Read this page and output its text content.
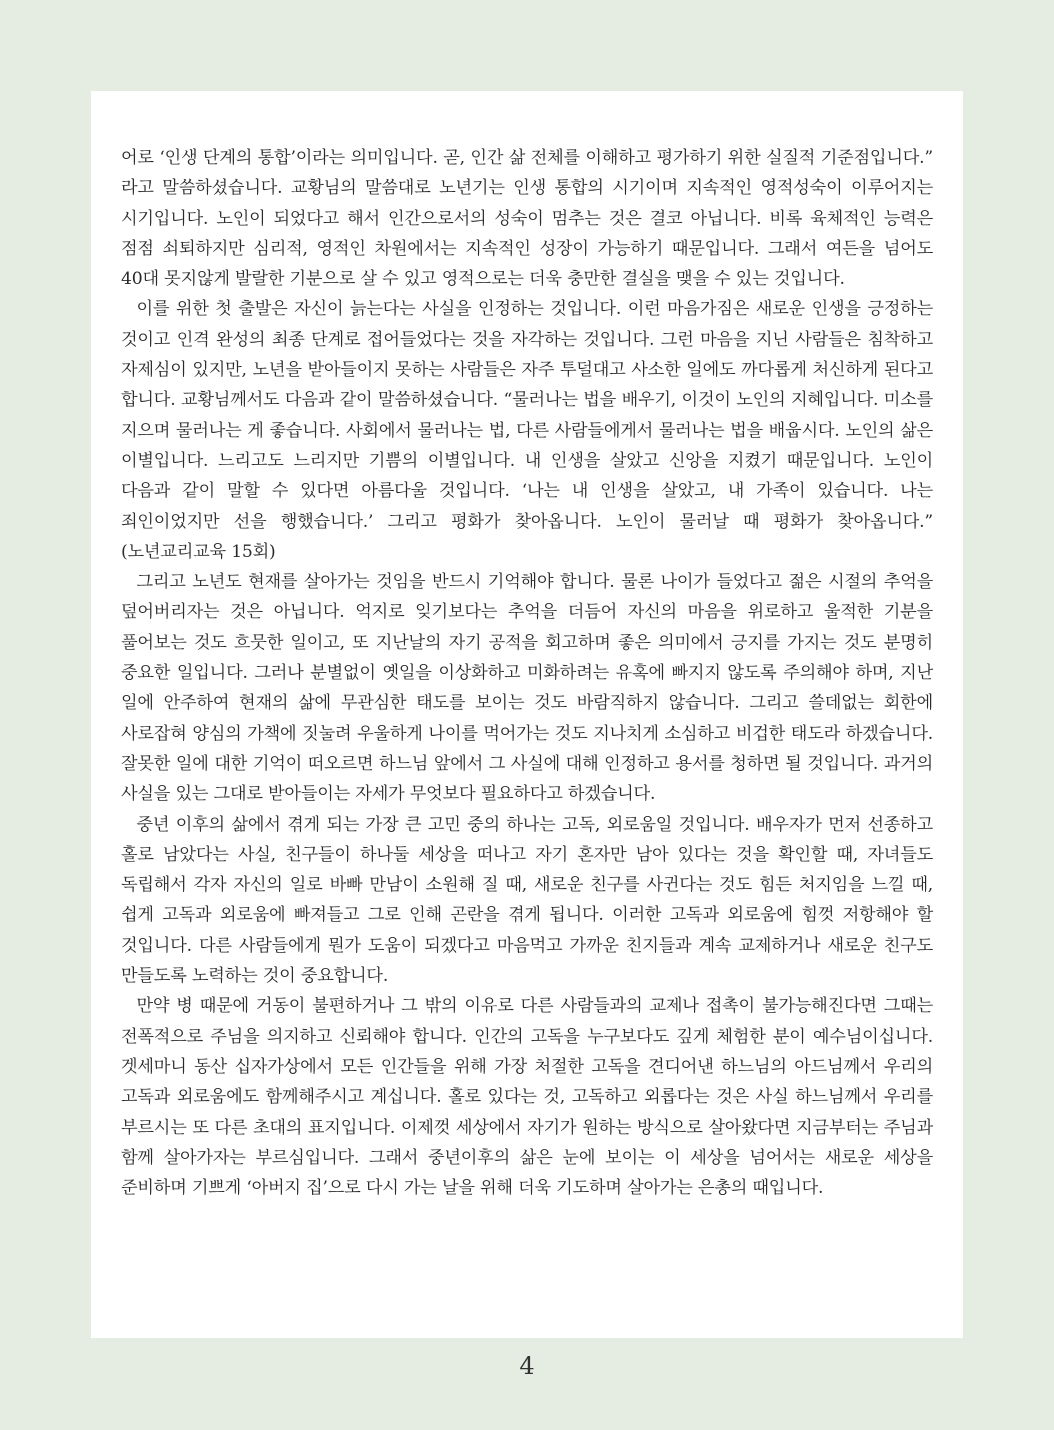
어로 ‘인생 단계의 통합’이라는 의미입니다. 곧, 인간 삶 전체를 이해하고 평가하기 위한 실질적 기준점입니다.” 라고 말씀하셨습니다. 교황님의 말씀대로 노년기는 인생 통합의 시기이며 지속적인 영적성숙이 이루어지는 시기입니다. 노인이 되었다고 해서 인간으로서의 성숙이 멈추는 것은 결코 아닙니다. 비록 육체적인 능력은 점점 쇠퇴하지만 심리적, 영적인 차원에서는 지속적인 성장이 가능하기 때문입니다. 그래서 여든을 넘어도 40대 못지않게 발랄한 기분으로 살 수 있고 영적으로는 더욱 충만한 결실을 맺을 수 있는 것입니다.

이를 위한 첫 출발은 자신이 늙는다는 사실을 인정하는 것입니다. 이런 마음가짐은 새로운 인생을 긍정하는 것이고 인격 완성의 최종 단계로 접어들었다는 것을 자각하는 것입니다. 그런 마음을 지닌 사람들은 침착하고 자제심이 있지만, 노년을 받아들이지 못하는 사람들은 자주 투덜대고 사소한 일에도 까다롭게 처신하게 된다고 합니다. 교황님께서도 다음과 같이 말씀하셨습니다. “물러나는 법을 배우기, 이것이 노인의 지혜입니다. 미소를 지으며 물러나는 게 좋습니다. 사회에서 물러나는 법, 다른 사람들에게서 물러나는 법을 배웁시다. 노인의 삶은 이별입니다. 느리고도 느리지만 기쁨의 이별입니다. 내 인생을 살았고 신앙을 지켰기 때문입니다. 노인이 다음과 같이 말할 수 있다면 아름다울 것입니다. ‘나는 내 인생을 살았고, 내 가족이 있습니다. 나는 죄인이었지만 선을 행했습니다.’ 그리고 평화가 찾아옵니다. 노인이 물러날 때 평화가 찾아옵니다.” (노년교리교육 15회)

그리고 노년도 현재를 살아가는 것임을 반드시 기억해야 합니다. 물론 나이가 들었다고 젊은 시절의 추억을 덮어버리자는 것은 아닙니다. 억지로 잊기보다는 추억을 더듬어 자신의 마음을 위로하고 울적한 기분을 풀어보는 것도 흐뭇한 일이고, 또 지난날의 자기 공적을 회고하며 좋은 의미에서 긍지를 가지는 것도 분명히 중요한 일입니다. 그러나 분별없이 옛일을 이상화하고 미화하려는 유혹에 빠지지 않도록 주의해야 하며, 지난 일에 안주하여 현재의 삶에 무관심한 태도를 보이는 것도 바람직하지 않습니다. 그리고 쓸데없는 회한에 사로잡혀 양심의 가책에 짓눌려 우울하게 나이를 먹어가는 것도 지나치게 소심하고 비겁한 태도라 하겠습니다. 잘못한 일에 대한 기억이 떠오르면 하느님 앞에서 그 사실에 대해 인정하고 용서를 청하면 될 것입니다. 과거의 사실을 있는 그대로 받아들이는 자세가 무엇보다 필요하다고 하겠습니다.

중년 이후의 삶에서 겪게 되는 가장 큰 고민 중의 하나는 고독, 외로움일 것입니다. 배우자가 먼저 선종하고 홀로 남았다는 사실, 친구들이 하나둘 세상을 떠나고 자기 혼자만 남아 있다는 것을 확인할 때, 자녀들도 독립해서 각자 자신의 일로 바빠 만남이 소원해 질 때, 새로운 친구를 사귄다는 것도 힘든 처지임을 느낄 때, 쉽게 고독과 외로움에 빠져들고 그로 인해 곤란을 겪게 됩니다. 이러한 고독과 외로움에 힘껏 저항해야 할 것입니다. 다른 사람들에게 뭔가 도움이 되겠다고 마음먹고 가까운 친지들과 계속 교제하거나 새로운 친구도 만들도록 노력하는 것이 중요합니다.

만약 병 때문에 거동이 불편하거나 그 밖의 이유로 다른 사람들과의 교제나 접촉이 불가능해진다면 그때는 전폭적으로 주님을 의지하고 신뢰해야 합니다. 인간의 고독을 누구보다도 깊게 체험한 분이 예수님이십니다. 겟세마니 동산 십자가상에서 모든 인간들을 위해 가장 처절한 고독을 견디어낸 하느님의 아드님께서 우리의 고독과 외로움에도 함께해주시고 계십니다. 홀로 있다는 것, 고독하고 외롭다는 것은 사실 하느님께서 우리를 부르시는 또 다른 초대의 표지입니다. 이제껏 세상에서 자기가 원하는 방식으로 살아왔다면 지금부터는 주님과 함께 살아가자는 부르심입니다. 그래서 중년이후의 삶은 눈에 보이는 이 세상을 넘어서는 새로운 세상을 준비하며 기쁘게 ‘아버지 집’으로 다시 가는 날을 위해 더욱 기도하며 살아가는 은총의 때입니다.

4
